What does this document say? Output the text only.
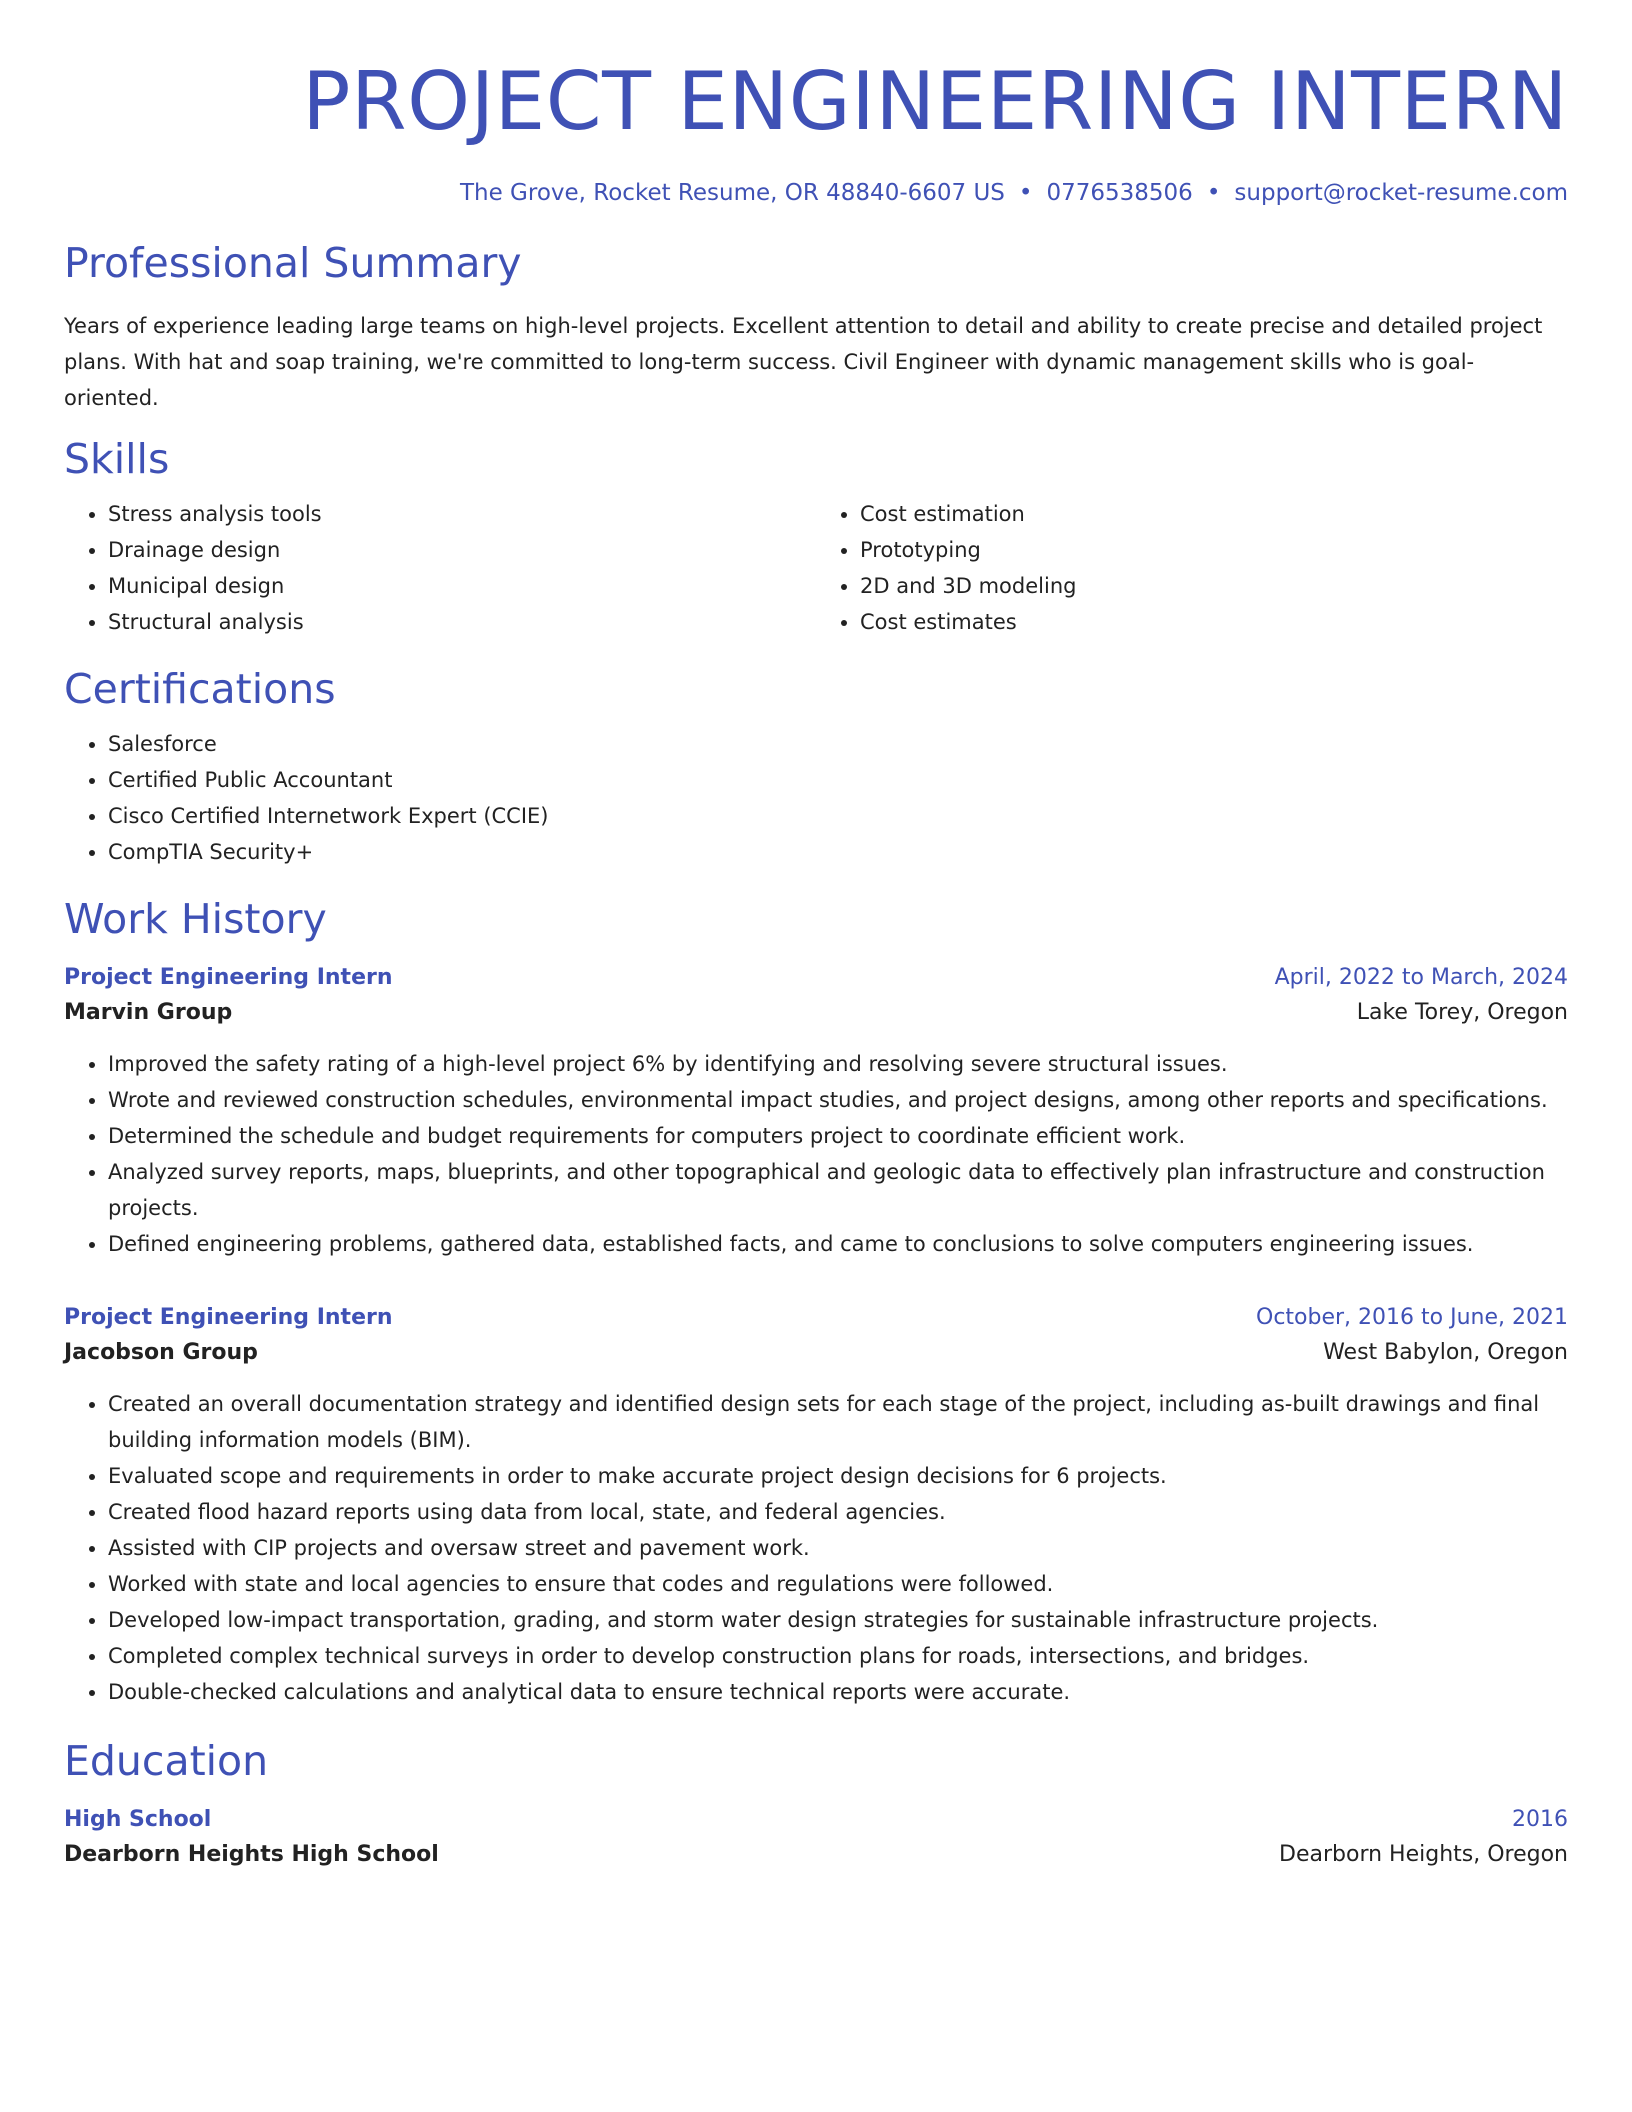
PROJECT ENGINEERING INTERN
The Grove, Rocket Resume, OR 48840-6607 US • 0776538506 • support@rocket-resume.com
Professional Summary

Years of experience leading large teams on high-level projects. Excellent attention to detail and ability to create precise and detailed project plans. With hat and soap training, we're committed to long-term success. Civil Engineer with dynamic management skills who is goal-oriented.

Skills
• Stress analysis tools
• Drainage design
• Municipal design
• Structural analysis
• Cost estimation
• Prototyping
• 2D and 3D modeling
• Cost estimates
Certifications
• Salesforce
• Certified Public Accountant
• Cisco Certified Internetwork Expert (CCIE)
• CompTIA Security+
Work History
Project Engineering Intern	April, 2022 to March, 2024
Marvin Group	Lake Torey, Oregon
• Improved the safety rating of a high-level project 6% by identifying and resolving severe structural issues.
• Wrote and reviewed construction schedules, environmental impact studies, and project designs, among other reports and specifications.
• Determined the schedule and budget requirements for computers project to coordinate efficient work.
• Analyzed survey reports, maps, blueprints, and other topographical and geologic data to effectively plan infrastructure and construction projects.
• Defined engineering problems, gathered data, established facts, and came to conclusions to solve computers engineering issues.
Project Engineering Intern	October, 2016 to June, 2021
Jacobson Group	West Babylon, Oregon
• Created an overall documentation strategy and identified design sets for each stage of the project, including as-built drawings and final building information models (BIM).
• Evaluated scope and requirements in order to make accurate project design decisions for 6 projects.
• Created flood hazard reports using data from local, state, and federal agencies.
• Assisted with CIP projects and oversaw street and pavement work.
• Worked with state and local agencies to ensure that codes and regulations were followed.
• Developed low-impact transportation, grading, and storm water design strategies for sustainable infrastructure projects.
• Completed complex technical surveys in order to develop construction plans for roads, intersections, and bridges.
• Double-checked calculations and analytical data to ensure technical reports were accurate.
Education
High School	2016
Dearborn Heights High School	Dearborn Heights, Oregon
